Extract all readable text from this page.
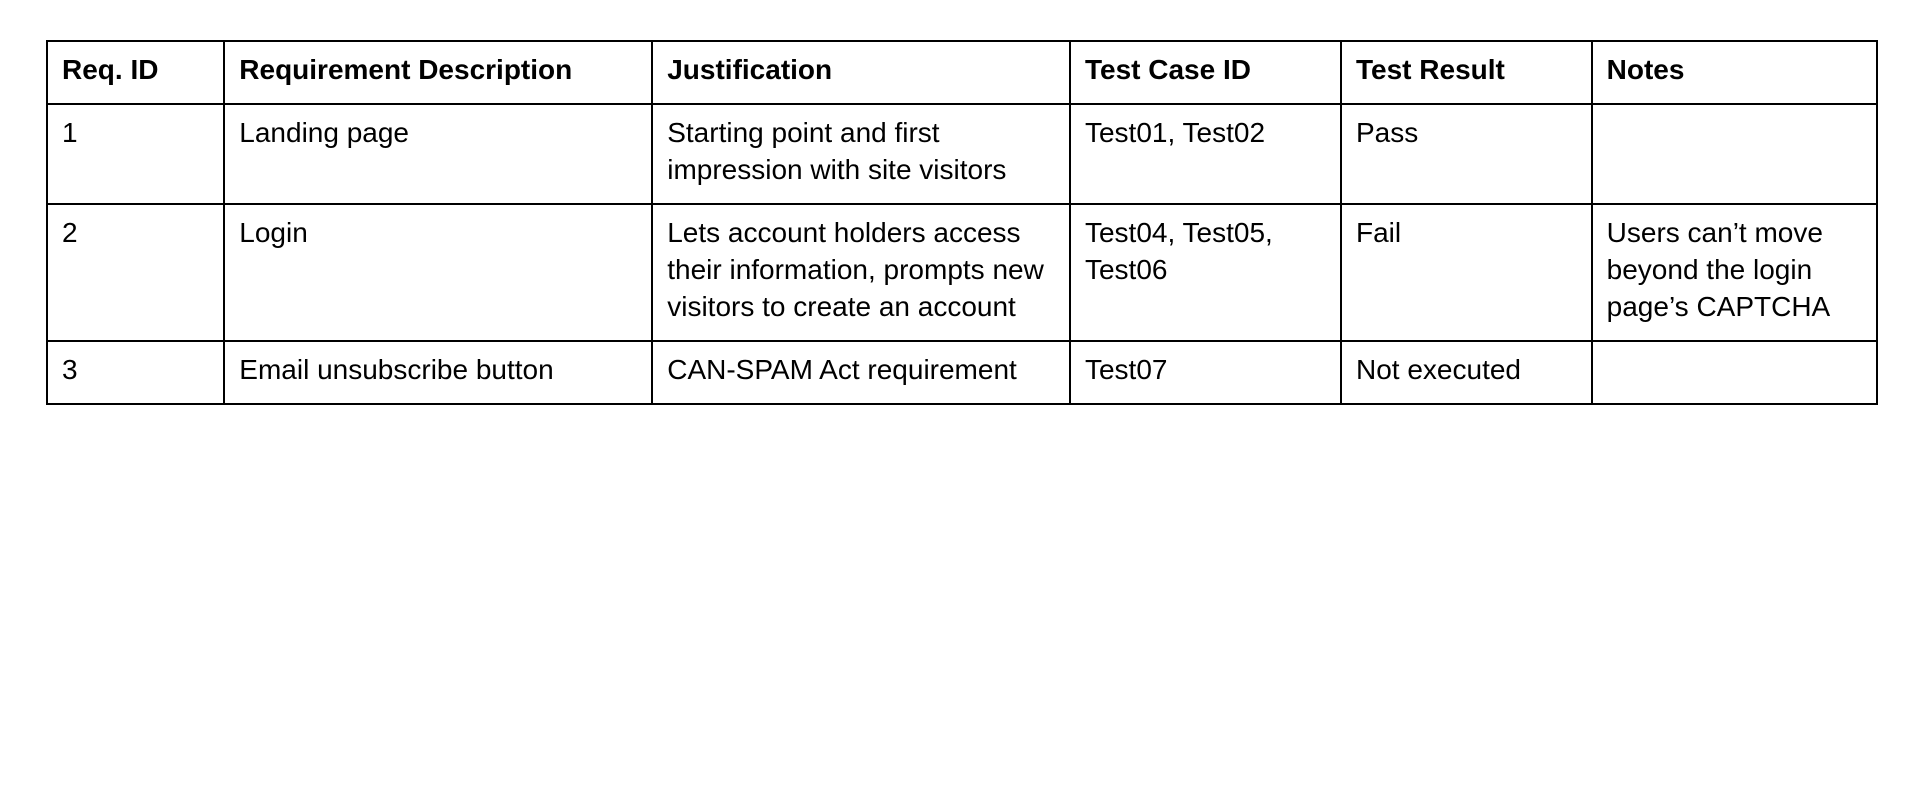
Req. ID	Requirement Description	Justification	Test Case ID	Test Result	Notes
1	Landing page	Starting point and first impression with site visitors	Test01, Test02	Pass	
2	Login	Lets account holders access their information, prompts new visitors to create an account	Test04, Test05, Test06	Fail	Users can’t move beyond the login page’s CAPTCHA
3	Email unsubscribe button	CAN-SPAM Act requirement	Test07	Not executed	
